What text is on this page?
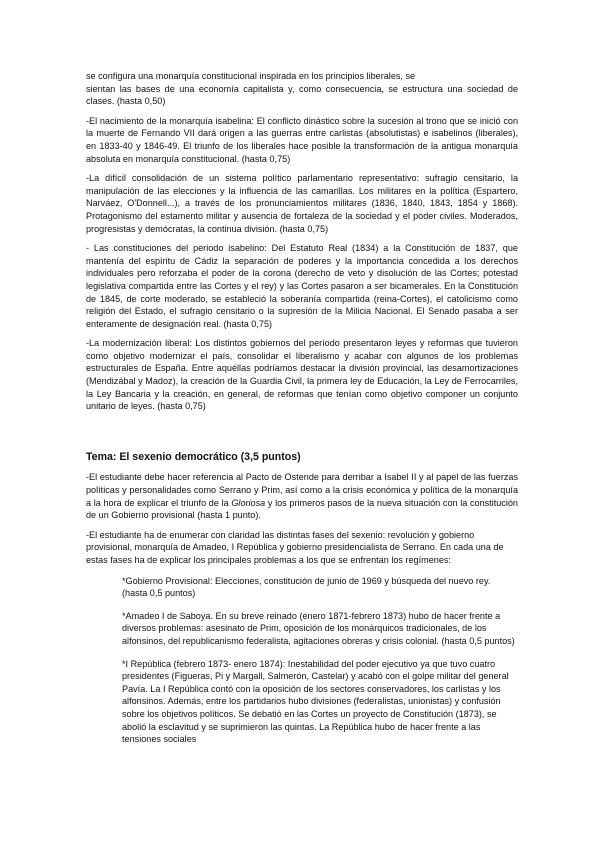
se configura una monarquía constitucional inspirada en los principios liberales, se

sientan las bases de una economía capitalista y, como consecuencia, se estructura una sociedad de clases. (hasta 0,50)

-El nacimiento de la monarquía isabelina: El conflicto dinástico sobre la sucesión al trono que se inició con la muerte de Fernando VII dará origen a las guerras entre carlistas (absolutistas) e isabelinos (liberales), en 1833-40 y 1846-49. El triunfo de los liberales hace posible la transformación de la antigua monarquía absoluta en monarquía constitucional. (hasta 0,75)

-La difícil consolidación de un sistema político parlamentario representativo: sufragio censitario, la manipulación de las elecciones y la influencia de las camarillas. Los militares en la política (Espartero, Narváez, O'Donnell...), a través de los pronunciamientos militares (1836, 1840, 1843, 1854 y 1868). Protagonismo del estamento militar y ausencia de fortaleza de la sociedad y el poder civiles. Moderados, progresistas y demócratas, la continua división. (hasta 0,75)

- Las constituciones del periodo isabelino: Del Estatuto Real (1834) a la Constitución de 1837, que mantenía del espíritu de Cádiz la separación de poderes y la importancia concedida a los derechos individuales pero reforzaba el poder de la corona (derecho de veto y disolución de las Cortes; potestad legislativa compartida entre las Cortes y el rey) y las Cortes pasaron a ser bicamerales. En la Constitución de 1845, de corte moderado, se estableció la soberanía compartida (reina-Cortes), el catolicismo como religión del Estado, el sufragio censitario o la supresión de la Milicia Nacional. El Senado pasaba a ser enteramente de designación real. (hasta 0,75)

-La modernización liberal: Los distintos gobiernos del período presentaron leyes y reformas que tuvieron como objetivo modernizar el país, consolidar el liberalismo y acabar con algunos de los problemas estructurales de España. Entre aquéllas podríamos destacar la división provincial, las desamortizaciones (Mendizábal y Madoz), la creación de la Guardia Civil, la primera ley de Educación, la Ley de Ferrocarriles, la Ley Bancaria y la creación, en general, de reformas que tenían como objetivo componer un conjunto unitario de leyes. (hasta 0,75)

Tema: El sexenio democrático (3,5 puntos)

-El estudiante debe hacer referencia al Pacto de Ostende para derribar a Isabel II y al papel de las fuerzas políticas y personalidades como Serrano y Prim, así como a la crisis económica y política de la monarquía a la hora de explicar el triunfo de la Gloriosa y los primeros pasos de la nueva situación con la constitución de un Gobierno provisional (hasta 1 punto).

-El estudiante ha de enumerar con claridad las distintas fases del sexenio: revolución y gobierno provisional, monarquía de Amadeo, I República y gobierno presidencialista de Serrano. En cada una de estas fases ha de explicar los principales problemas a los que se enfrentan los regímenes:

*Gobierno Provisional: Elecciones, constitución de junio de 1969 y búsqueda del nuevo rey. (hasta 0,5 puntos)

*Amadeo I de Saboya. En su breve reinado (enero 1871-febrero 1873) hubo de hacer frente a diversos problemas: asesinato de Prim, oposición de los monárquicos tradicionales, de los alfonsinos, del republicanismo federalista, agitaciones obreras y crisis colonial. (hasta 0,5 puntos)

*I República (febrero 1873- enero 1874): Inestabilidad del poder ejecutivo ya que tuvo cuatro presidentes (Figueras, Pi y Margall, Salmerón, Castelar) y acabó con el golpe militar del general Pavía. La I República contó con la oposición de los sectores conservadores, los carlistas y los alfonsinos. Además, entre los partidarios hubo divisiones (federalistas, unionistas) y confusión sobre los objetivos políticos. Se debatió en las Cortes un proyecto de Constitución (1873), se abolió la esclavitud y se suprimieron las quintas. La República hubo de hacer frente a las tensiones sociales
